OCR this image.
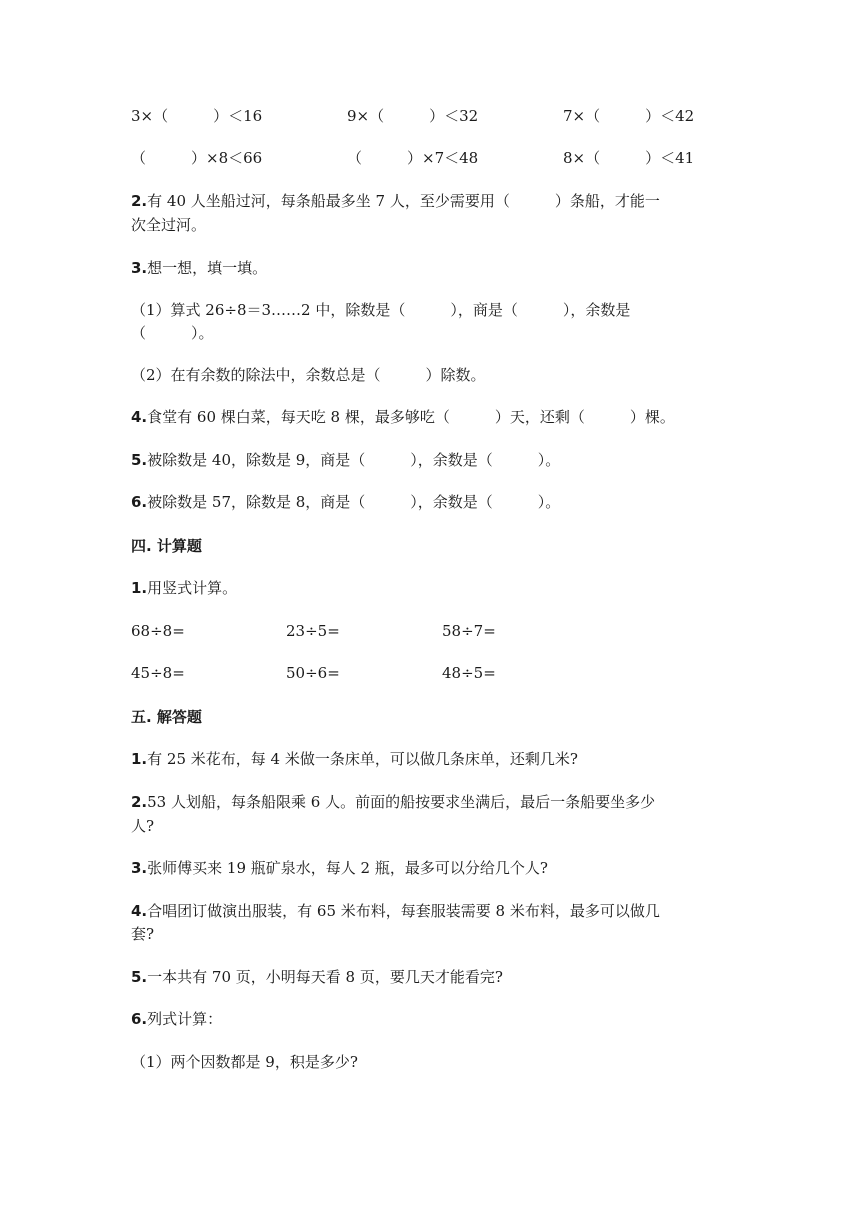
3×（　　　）＜16	9×（　　　）＜32	7×（　　　）＜42
（　　　）×8＜66	（　　　）×7＜48	8×（　　　）＜41
2.有 40 人坐船过河，每条船最多坐 7 人，至少需要用（　　　）条船，才能一
次全过河。
3.想一想，填一填。
（1）算式 26÷8＝3……2 中，除数是（　　　），商是（　　　），余数是
（　　　）。
（2）在有余数的除法中，余数总是（　　　）除数。
4.食堂有 60 棵白菜，每天吃 8 棵，最多够吃（　　　）天，还剩（　　　）棵。
5.被除数是 40，除数是 9，商是（　　　），余数是（　　　）。
6.被除数是 57，除数是 8，商是（　　　），余数是（　　　）。
四. 计算题
1.用竖式计算。
68÷8=	23÷5=	58÷7=
45÷8=	50÷6=	48÷5=
五. 解答题
1.有 25 米花布，每 4 米做一条床单，可以做几条床单，还剩几米?
2.53 人划船，每条船限乘 6 人。前面的船按要求坐满后，最后一条船要坐多少
人?
3.张师傅买来 19 瓶矿泉水，每人 2 瓶，最多可以分给几个人?
4.合唱团订做演出服装，有 65 米布料，每套服装需要 8 米布料，最多可以做几
套?
5.一本共有 70 页，小明每天看 8 页，要几天才能看完?
6.列式计算：
（1）两个因数都是 9，积是多少?
